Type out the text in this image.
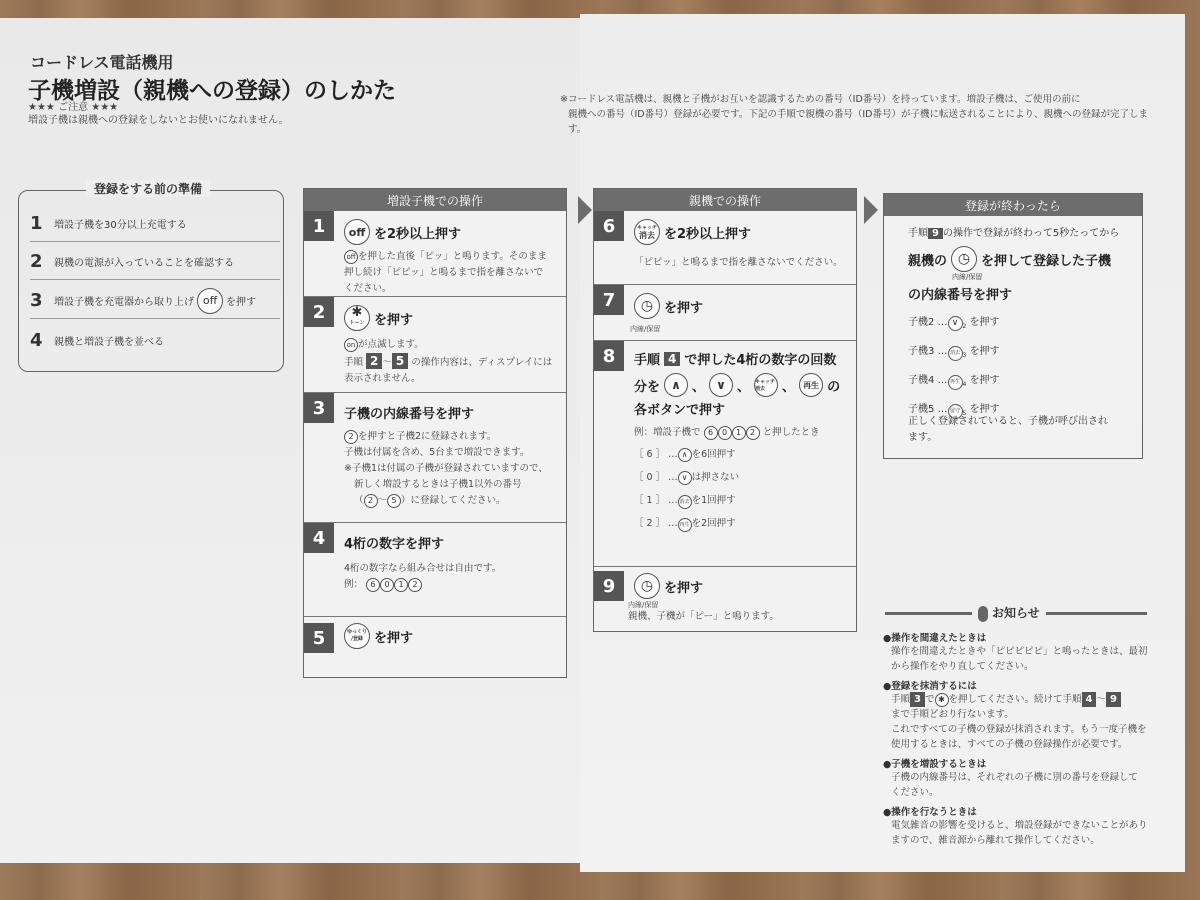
コードレス電話機用
子機増設（親機への登録）のしかた
★★★ ご注意 ★★★
増設子機は親機への登録をしないとお使いになれません。
※コードレス電話機は、親機と子機がお互いを認識するための番号（ID番号）を持っています。増設子機は、ご使用の前に
親機への番号（ID番号）登録が必要です。下記の手順で親機の番号（ID番号）が子機に転送されることにより、親機への登録が完了します。
登録をする前の準備
1	増設子機を30分以上充電する
2	親機の電源が入っていることを確認する
3	増設子機を充電器から取り上げ off を押す
4	親機と増設子機を並べる
増設子機での操作
1	off を2秒以上押す
off を押した直後「ピッ」と鳴ります。そのまま
押し続け「ピピッ」と鳴るまで指を離さないで
ください。
2	✱
トーン を押す
on が点滅します。
手順 2 〜 5 の操作内容は、ディスプレイには
表示されません。
3	子機の内線番号を押す
2 を押すと子機2に登録されます。
子機は付属を含め、5台まで増設できます。
※子機1は付属の子機が登録されていますので、
新しく増設するときは子機1以外の番号
（ 2 〜 5 ）に登録してください。
4	4桁の数字を押す
4桁の数字なら組み合せは自由です。
例： 6 0 1 2
5	ゆっくり
/登録 を押す
親機での操作
6	キャッチ
消去 を2秒以上押す
「ピピッ」と鳴るまで指を離さないでください。
7	◷ を押す
内線/保留
8	手順 4 で押した4桁の数字の回数
分を ∧ 、 ∨ 、 キャッチ消去	、	再生 の
各ボタンで押す
例：増設子機で 6 0 1 2 と押したとき
［ 6 ］ … ∧ を6回押す
［ 0 ］ … ∨ は押さない
［ 1 ］ … 消去 を1回押す
［ 2 ］ … 再生 を2回押す
9	◷ を押す
内線/保留
親機、子機が「ピー」と鳴ります。
登録が終わったら
手順 9 の操作で登録が終わって5秒たってから
親機の ◷ を押して登録した子機
内線/保留
の内線番号を押す
子機2 … ∨ $_2$ を押す
子機3 … 消去 $_3$ を押す
子機4 … 再生 $_4$ を押す
子機5 … 留守 $_5$ を押す
正しく登録されていると、子機が呼び出され
ます。
お知らせ
●操作を間違えたときは
操作を間違えたときや「ピピピピピ」と鳴ったときは、最初
から操作をやり直してください。
●登録を抹消するには
手順 3 で ✱ を押してください。続けて手順 4 〜 9
まで手順どおり行ないます。
これですべての子機の登録が抹消されます。もう一度子機を
使用するときは、すべての子機の登録操作が必要です。
●子機を増設するときは
子機の内線番号は、それぞれの子機に別の番号を登録して
ください。
●操作を行なうときは
電気雑音の影響を受けると、増設登録ができないことがあり
ますので、雑音源から離れて操作してください。
